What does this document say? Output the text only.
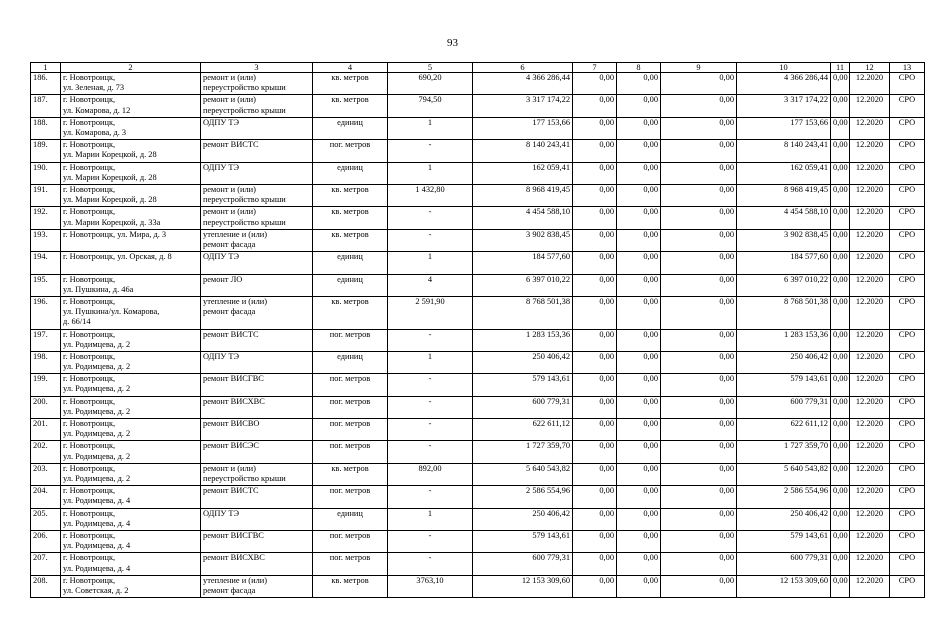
93
1	2	3	4	5	6	7	8	9	10	11	12	13
186.	г. Новотроицк,
ул. Зеленая, д. 73	ремонт и (или)
переустройство крыши	кв. метров	690,20	4 366 286,44	0,00	0,00	0,00	4 366 286,44	0,00	12.2020	СРО
187.	г. Новотроицк,
ул. Комарова, д. 12	ремонт и (или)
переустройство крыши	кв. метров	794,50	3 317 174,22	0,00	0,00	0,00	3 317 174,22	0,00	12.2020	СРО
188.	г. Новотроицк,
ул. Комарова, д. 3	ОДПУ ТЭ	единиц	1	177 153,66	0,00	0,00	0,00	177 153,66	0,00	12.2020	СРО
189.	г. Новотроицк,
ул. Марии Корецкой, д. 28	ремонт ВИСТС	пог. метров	-	8 140 243,41	0,00	0,00	0,00	8 140 243,41	0,00	12.2020	СРО
190.	г. Новотроицк,
ул. Марии Корецкой, д. 28	ОДПУ ТЭ	единиц	1	162 059,41	0,00	0,00	0,00	162 059,41	0,00	12.2020	СРО
191.	г. Новотроицк,
ул. Марии Корецкой, д. 28	ремонт и (или)
переустройство крыши	кв. метров	1 432,80	8 968 419,45	0,00	0,00	0,00	8 968 419,45	0,00	12.2020	СРО
192.	г. Новотроицк,
ул. Марии Корецкой, д. 33а	ремонт и (или)
переустройство крыши	кв. метров	-	4 454 588,10	0,00	0,00	0,00	4 454 588,10	0,00	12.2020	СРО
193.	г. Новотроицк, ул. Мира, д. 3	утепление и (или)
ремонт фасада	кв. метров	-	3 902 838,45	0,00	0,00	0,00	3 902 838,45	0,00	12.2020	СРО
194.	г. Новотроицк, ул. Орская, д. 8	ОДПУ ТЭ	единиц	1	184 577,60	0,00	0,00	0,00	184 577,60	0,00	12.2020	СРО
195.	г. Новотроицк,
ул. Пушкина, д. 46а	ремонт ЛО	единиц	4	6 397 010,22	0,00	0,00	0,00	6 397 010,22	0,00	12.2020	СРО
196.	г. Новотроицк,
ул. Пушкина/ул. Комарова,
д. 66/14	утепление и (или)
ремонт фасада	кв. метров	2 591,90	8 768 501,38	0,00	0,00	0,00	8 768 501,38	0,00	12.2020	СРО
197.	г. Новотроицк,
ул. Родимцева, д. 2	ремонт ВИСТС	пог. метров	-	1 283 153,36	0,00	0,00	0,00	1 283 153,36	0,00	12.2020	СРО
198.	г. Новотроицк,
ул. Родимцева, д. 2	ОДПУ ТЭ	единиц	1	250 406,42	0,00	0,00	0,00	250 406,42	0,00	12.2020	СРО
199.	г. Новотроицк,
ул. Родимцева, д. 2	ремонт ВИСГВС	пог. метров	-	579 143,61	0,00	0,00	0,00	579 143,61	0,00	12.2020	СРО
200.	г. Новотроицк,
ул. Родимцева, д. 2	ремонт ВИСХВС	пог. метров	-	600 779,31	0,00	0,00	0,00	600 779,31	0,00	12.2020	СРО
201.	г. Новотроицк,
ул. Родимцева, д. 2	ремонт ВИСВО	пог. метров	-	622 611,12	0,00	0,00	0,00	622 611,12	0,00	12.2020	СРО
202.	г. Новотроицк,
ул. Родимцева, д. 2	ремонт ВИСЭС	пог. метров	-	1 727 359,70	0,00	0,00	0,00	1 727 359,70	0,00	12.2020	СРО
203.	г. Новотроицк,
ул. Родимцева, д. 2	ремонт и (или)
переустройство крыши	кв. метров	892,00	5 640 543,82	0,00	0,00	0,00	5 640 543,82	0,00	12.2020	СРО
204.	г. Новотроицк,
ул. Родимцева, д. 4	ремонт ВИСТС	пог. метров	-	2 586 554,96	0,00	0,00	0,00	2 586 554,96	0,00	12.2020	СРО
205.	г. Новотроицк,
ул. Родимцева, д. 4	ОДПУ ТЭ	единиц	1	250 406,42	0,00	0,00	0,00	250 406,42	0,00	12.2020	СРО
206.	г. Новотроицк,
ул. Родимцева, д. 4	ремонт ВИСГВС	пог. метров	-	579 143,61	0,00	0,00	0,00	579 143,61	0,00	12.2020	СРО
207.	г. Новотроицк,
ул. Родимцева, д. 4	ремонт ВИСХВС	пог. метров	-	600 779,31	0,00	0,00	0,00	600 779,31	0,00	12.2020	СРО
208.	г. Новотроицк,
ул. Советская, д. 2	утепление и (или)
ремонт фасада	кв. метров	3763,10	12 153 309,60	0,00	0,00	0,00	12 153 309,60	0,00	12.2020	СРО
